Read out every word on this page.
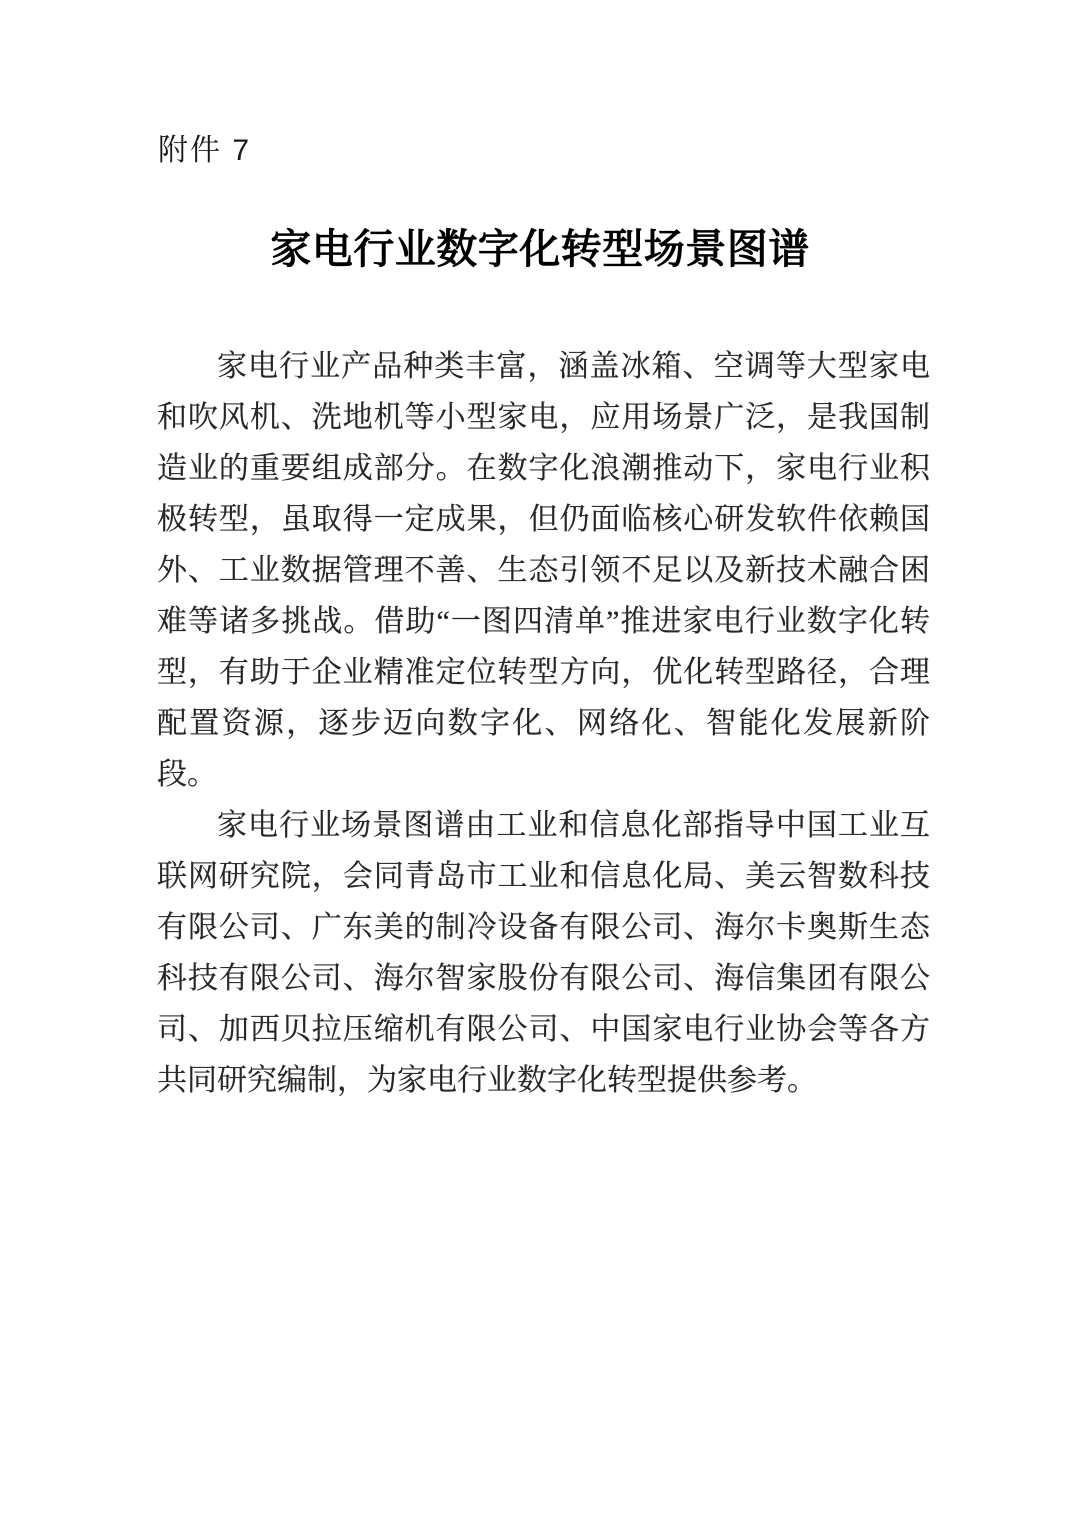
附件 7
家电行业数字化转型场景图谱
家电行业产品种类丰富，涵盖冰箱、空调等大型家电
和吹风机、洗地机等小型家电，应用场景广泛，是我国制
造业的重要组成部分。在数字化浪潮推动下，家电行业积
极转型，虽取得一定成果，但仍面临核心研发软件依赖国
外、工业数据管理不善、生态引领不足以及新技术融合困
难等诸多挑战。借助“一图四清单”推进家电行业数字化转
型，有助于企业精准定位转型方向，优化转型路径，合理
配置资源，逐步迈向数字化、网络化、智能化发展新阶
段。
家电行业场景图谱由工业和信息化部指导中国工业互
联网研究院，会同青岛市工业和信息化局、美云智数科技
有限公司、广东美的制冷设备有限公司、海尔卡奥斯生态
科技有限公司、海尔智家股份有限公司、海信集团有限公
司、加西贝拉压缩机有限公司、中国家电行业协会等各方
共同研究编制，为家电行业数字化转型提供参考。
